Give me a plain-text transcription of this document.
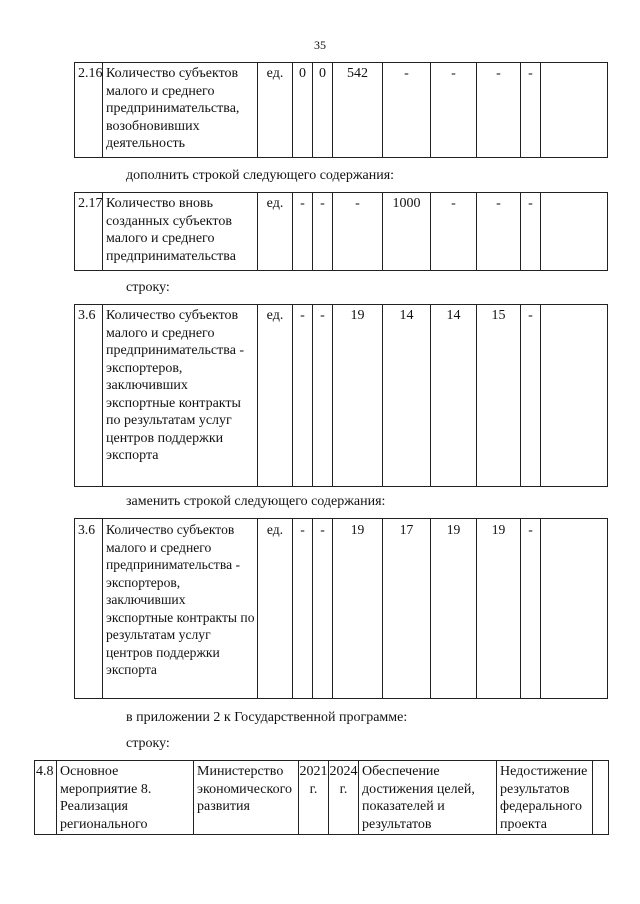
35
2.16	Количество субъектов малого и среднего предпринимательства, возобновивших деятельность	ед.	0	0	542	-	-	-	-	
дополнить строкой следующего содержания:
2.17	Количество вновь созданных субъектов малого и среднего предпринимательства	ед.	-	-	-	1000	-	-	-	
строку:
3.6	Количество субъектов малого и среднего предпринимательства - экспортеров, заключивших экспортные контракты по результатам услуг центров поддержки экспорта	ед.	-	-	19	14	14	15	-	
заменить строкой следующего содержания:
3.6	Количество субъектов малого и среднего предпринимательства - экспортеров, заключивших экспортные контракты по результатам услуг центров поддержки экспорта	ед.	-	-	19	17	19	19	-	
в приложении 2 к Государственной программе:
строку:
4.8	Основное мероприятие 8. Реализация регионального	Министерство экономического развития	2021 г.	2024 г.	Обеспечение достижения целей, показателей и результатов	Недостижение результатов федерального проекта	
